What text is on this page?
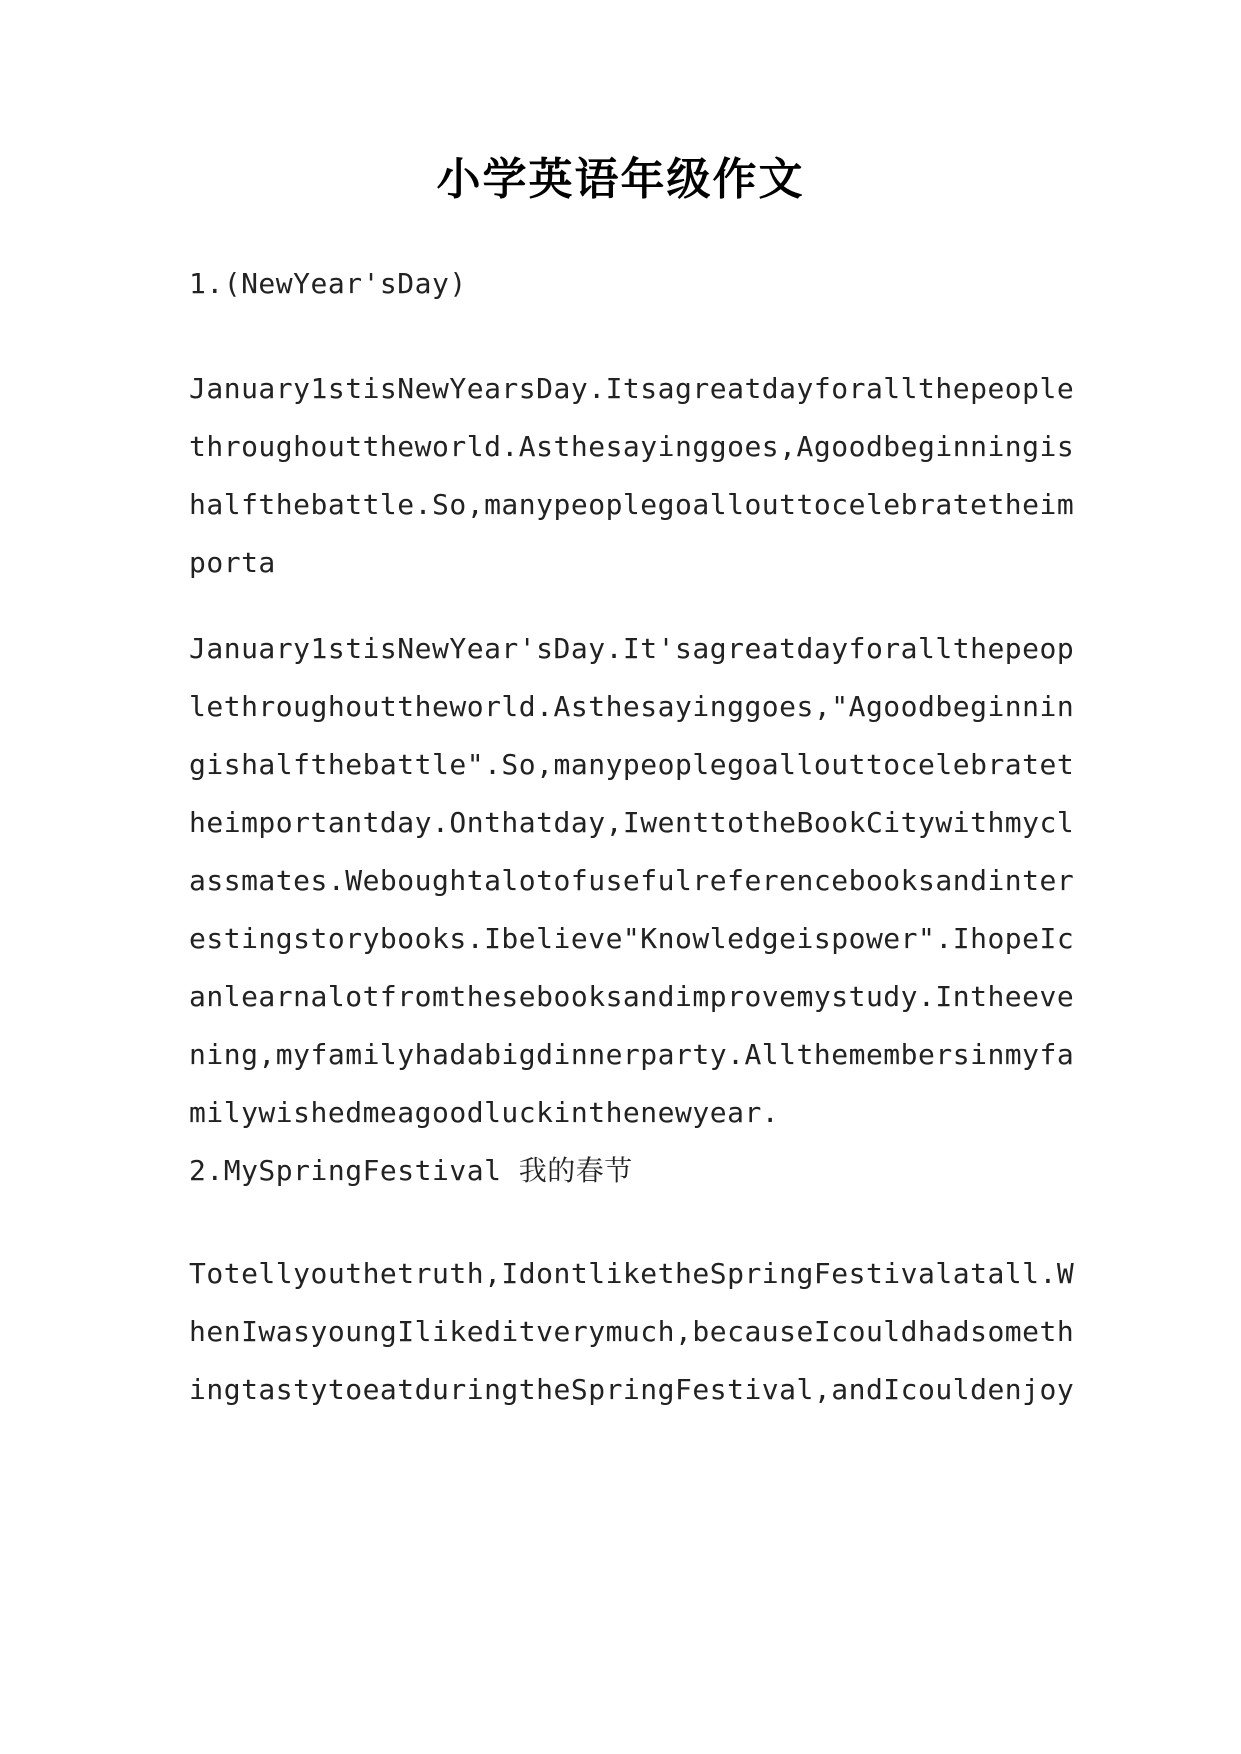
小学英语年级作文
1.(NewYear'sDay)
January1stisNewYearsDay.Itsagreatdayforallthepeople
throughouttheworld.Asthesayinggoes,Agoodbeginningis
halfthebattle.So,manypeoplegoallouttocelebratetheim
porta
January1stisNewYear'sDay.It'sagreatdayforallthepeop
lethroughouttheworld.Asthesayinggoes,"Agoodbeginnin
gishalfthebattle".So,manypeoplegoallouttocelebratet
heimportantday.Onthatday,IwenttotheBookCitywithmycl
assmates.Weboughtalotofusefulreferencebooksandinter
estingstorybooks.Ibelieve"Knowledgeispower".IhopeIc
anlearnalotfromthesebooksandimprovemystudy.Intheeve
ning,myfamilyhadabigdinnerparty.Allthemembersinmyfa
milywishedmeagoodluckinthenewyear.
2.MySpringFestival 我的春节
Totellyouthetruth,IdontliketheSpringFestivalatall.W
henIwasyoungIlikeditverymuch,becauseIcouldhadsometh
ingtastytoeatduringtheSpringFestival,andIcouldenjoy
